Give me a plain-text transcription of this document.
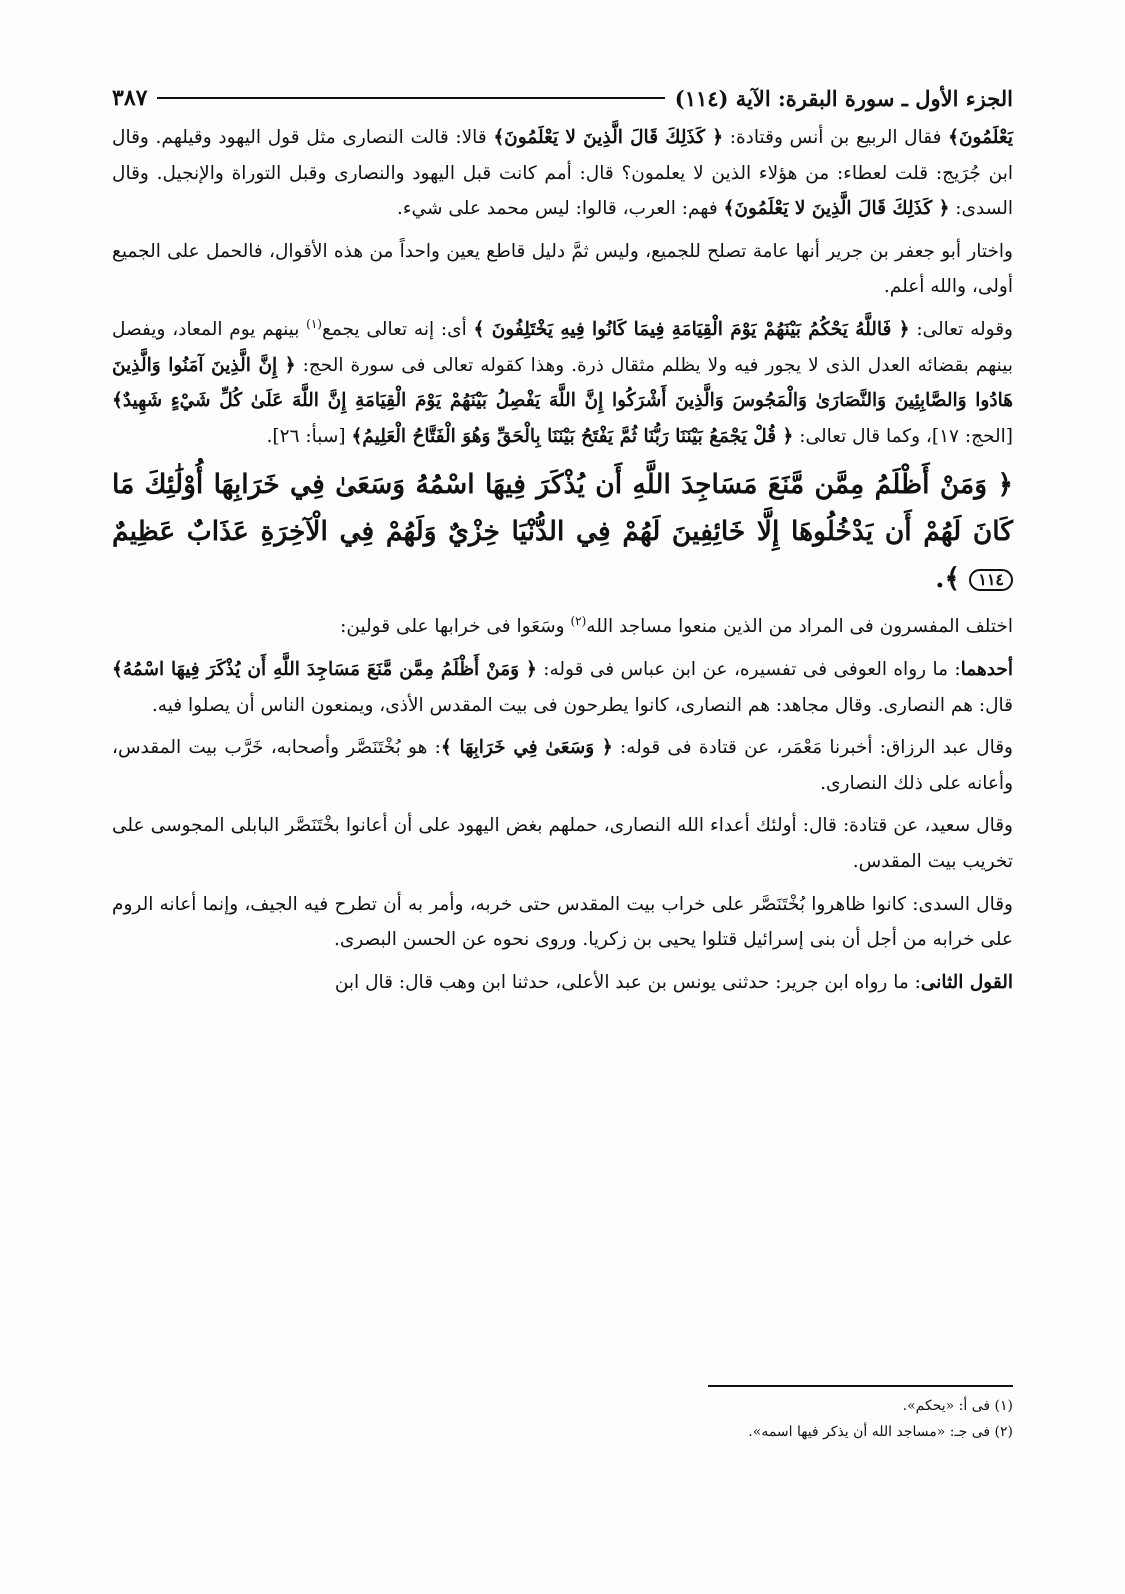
الجزء الأول ـ سورة البقرة: الآية (١١٤)
٣٨٧

يَعْلَمُونَ﴾ فقال الربيع بن أنس وقتادة: ﴿ كَذَلِكَ قَالَ الَّذِينَ لا يَعْلَمُونَ﴾ قالا: قالت النصارى مثل قول اليهود وقيلهم. وقال ابن جُرَيج: قلت لعطاء: من هؤلاء الذين لا يعلمون؟ قال: أمم كانت قبل اليهود والنصارى وقبل التوراة والإنجيل. وقال السدى: ﴿ كَذَلِكَ قَالَ الَّذِينَ لا يَعْلَمُونَ﴾ فهم: العرب، قالوا: ليس محمد على شيء.

واختار أبو جعفر بن جرير أنها عامة تصلح للجميع، وليس ثمَّ دليل قاطع يعين واحداً من هذه الأقوال، فالحمل على الجميع أولى، والله أعلم.

وقوله تعالى: ﴿ فَاللَّهُ يَحْكُمُ بَيْنَهُمْ يَوْمَ الْقِيَامَةِ فِيمَا كَانُوا فِيهِ يَخْتَلِفُونَ ﴾ أى: إنه تعالى يجمع$^{(١)}$ بينهم يوم المعاد، ويفصل بينهم بقضائه العدل الذى لا يجور فيه ولا يظلم مثقال ذرة. وهذا كقوله تعالى فى سورة الحج: ﴿ إِنَّ الَّذِينَ آمَنُوا وَالَّذِينَ هَادُوا وَالصَّابِئِينَ وَالنَّصَارَىٰ وَالْمَجُوسَ وَالَّذِينَ أَشْرَكُوا إِنَّ اللَّهَ يَفْصِلُ بَيْنَهُمْ يَوْمَ الْقِيَامَةِ إِنَّ اللَّهَ عَلَىٰ كُلِّ شَيْءٍ شَهِيدٌ﴾ [الحج: ١٧]، وكما قال تعالى: ﴿ قُلْ يَجْمَعُ بَيْنَنَا رَبُّنَا ثُمَّ يَفْتَحُ بَيْنَنَا بِالْحَقِّ وَهُوَ الْفَتَّاحُ الْعَلِيمُ﴾ [سبأ: ٢٦].

﴿ وَمَنْ أَظْلَمُ مِمَّن مَّنَعَ مَسَاجِدَ اللَّهِ أَن يُذْكَرَ فِيهَا اسْمُهُ وَسَعَىٰ فِي خَرَابِهَا أُوْلَٰئِكَ مَا كَانَ لَهُمْ أَن يَدْخُلُوهَا إِلَّا خَائِفِينَ لَهُمْ فِي الدُّنْيَا خِزْيٌ وَلَهُمْ فِي الْآخِرَةِ عَذَابٌ عَظِيمٌ ١١٤ ﴾.

اختلف المفسرون فى المراد من الذين منعوا مساجد الله$^{(٢)}$ وسَعَوا فى خرابها على قولين:

أحدهما: ما رواه العوفى فى تفسيره، عن ابن عباس فى قوله: ﴿ وَمَنْ أَظْلَمُ مِمَّن مَّنَعَ مَسَاجِدَ اللَّهِ أَن يُذْكَرَ فِيهَا اسْمُهُ﴾ قال: هم النصارى. وقال مجاهد: هم النصارى، كانوا يطرحون فى بيت المقدس الأذى، ويمنعون الناس أن يصلوا فيه.

وقال عبد الرزاق: أخبرنا مَعْمَر، عن قتادة فى قوله: ﴿ وَسَعَىٰ فِي خَرَابِهَا ﴾: هو بُخْتَنَصَّر وأصحابه، خَرَّب بيت المقدس، وأعانه على ذلك النصارى.

وقال سعيد، عن قتادة: قال: أولئك أعداء الله النصارى، حملهم بغض اليهود على أن أعانوا بخْتَنَصَّر البابلى المجوسى على تخريب بيت المقدس.

وقال السدى: كانوا ظاهروا بُخْتَنَصَّر على خراب بيت المقدس حتى خربه، وأمر به أن تطرح فيه الجيف، وإنما أعانه الروم على خرابه من أجل أن بنى إسرائيل قتلوا يحيى بن زكريا. وروى نحوه عن الحسن البصرى.

القول الثانى: ما رواه ابن جرير: حدثنى يونس بن عبد الأعلى، حدثنا ابن وهب قال: قال ابن

(١) فى أ: «يحكم».
(٢) فى جـ: «مساجد الله أن يذكر فيها اسمه».
